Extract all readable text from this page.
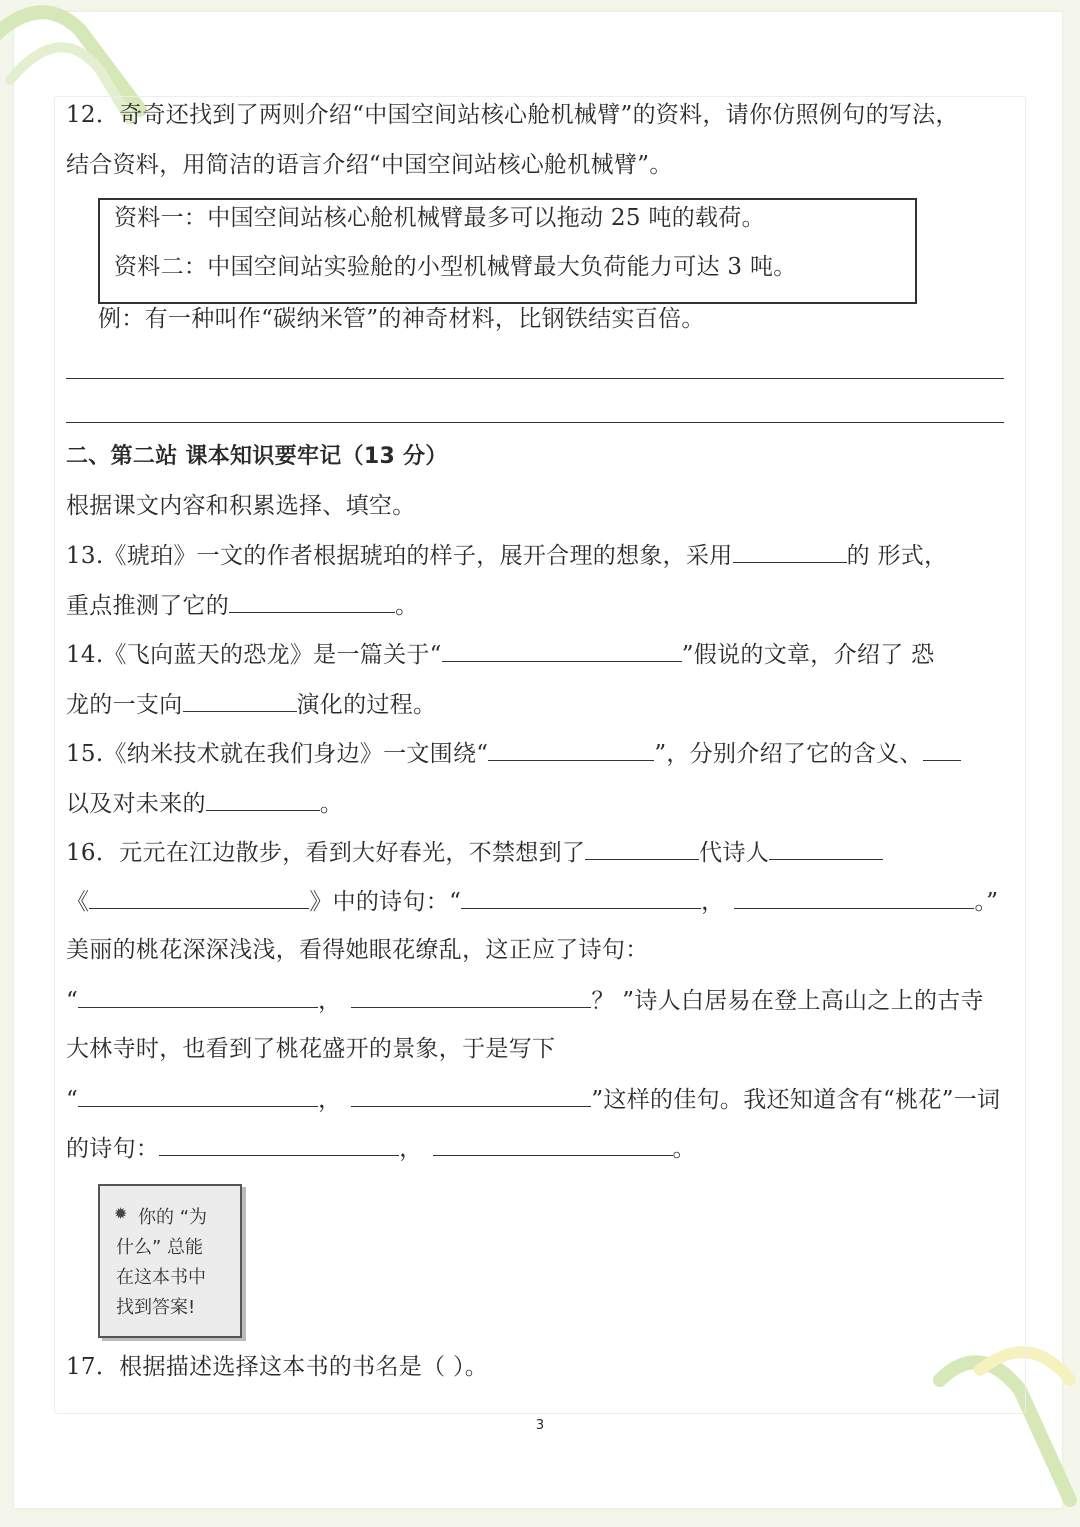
12．奇奇还找到了两则介绍“中国空间站核心舱机械臂”的资料，请你仿照例句的写法，
结合资料，用简洁的语言介绍“中国空间站核心舱机械臂”。
资料一：中国空间站核心舱机械臂最多可以拖动 25 吨的载荷。
资料二：中国空间站实验舱的小型机械臂最大负荷能力可达 3 吨。
例：有一种叫作“碳纳米管”的神奇材料，比钢铁结实百倍。
二、第二站 课本知识要牢记（13 分）
根据课文内容和积累选择、填空。
13.《琥珀》一文的作者根据琥珀的样子，展开合理的想象，采用	的 形式，
重点推测了它的	。
14.《飞向蓝天的恐龙》是一篇关于“	”假说的文章，介绍了 恐
龙的一支向	演化的过程。
15.《纳米技术就在我们身边》一文围绕“	”，分别介绍了它的含义、
以及对未来的	。
16．元元在江边散步，看到大好春光，不禁想到了	代诗人
《	》中的诗句：“	，	。”
美丽的桃花深深浅浅，看得她眼花缭乱，这正应了诗句：
“	，	？ ”诗人白居易在登上高山之上的古寺
大林寺时，也看到了桃花盛开的景象，于是写下
“	，	”这样的佳句。我还知道含有“桃花”一词
的诗句：	，	。
✹ 你的 “为
什么” 总能
在这本书中
找到答案!
17．根据描述选择这本书的书名是（ ）。
3
